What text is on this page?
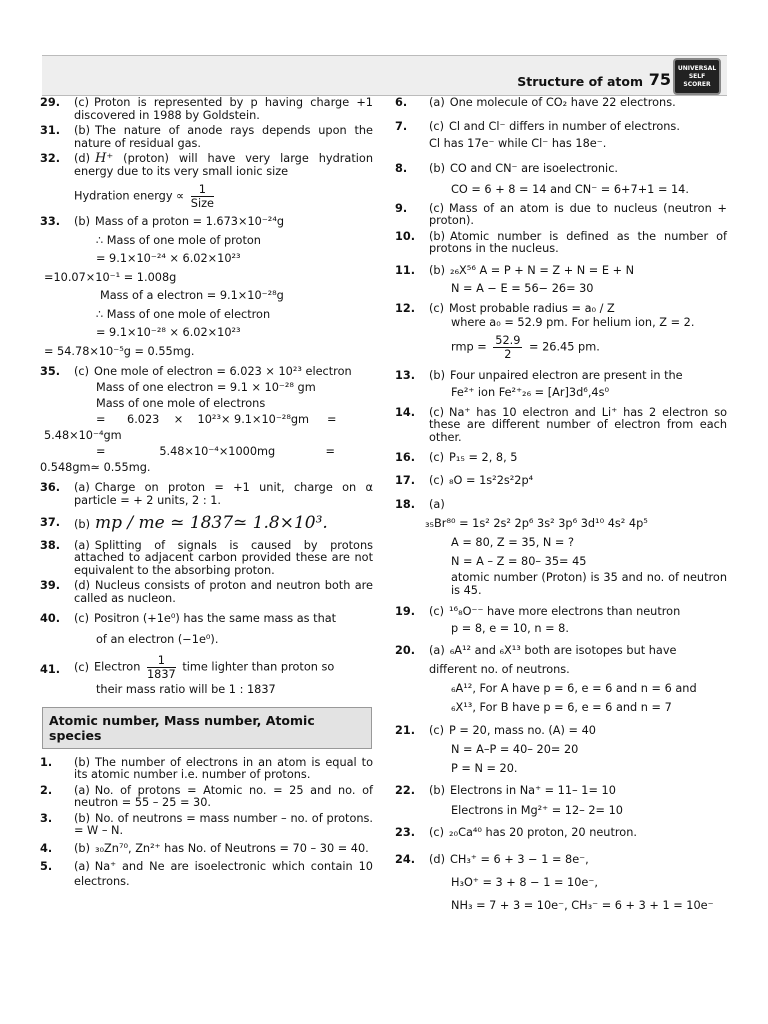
Structure of atom 75
UNIVERSAL
SELF SCORER
29. (c) Proton is represented by p having charge +1 discovered in 1988 by Goldstein.
31. (b) The nature of anode rays depends upon the nature of residual gas.
32. (d) H⁺ (proton) will have very large hydration energy due to its very small ionic size
Hydration energy ∝ $\frac{1}{\text{Size}}$
33. (b) Mass of a proton = 1.673×10⁻²⁴g
∴ Mass of one mole of proton
= 9.1×10⁻²⁴ × 6.02×10²³
=10.07×10⁻¹ = 1.008g
Mass of a electron = 9.1×10⁻²⁸g
∴ Mass of one mole of electron
= 9.1×10⁻²⁸ × 6.02×10²³
= 54.78×10⁻⁵g = 0.55mg.
35. (c) One mole of electron = 6.023 × 10²³ electron
Mass of one electron = 9.1 × 10⁻²⁸ gm
Mass of one mole of electrons
=      6.023    ×    10²³× 9.1×10⁻²⁸gm     =
5.48×10⁻⁴gm
=               5.48×10⁻⁴×1000mg              =
0.548gm≃ 0.55mg.
36. (a) Charge on proton = +1 unit, charge on α particle = + 2 units, 2 : 1.
37. (b) mp / me ≃ 1837≃ 1.8×10³.
38. (a) Splitting of signals is caused by protons attached to adjacent carbon provided these are not equivalent to the absorbing proton.
39. (d) Nucleus consists of proton and neutron both are called as nucleon.
40. (c) Positron (+1e⁰) has the same mass as that
of an electron (−1e⁰).
41. (c) Electron $\frac{1}{1837}$ time lighter than proton so
their mass ratio will be 1 : 1837
Atomic number, Mass number, Atomic species
1. (b) The number of electrons in an atom is equal to its atomic number i.e. number of protons.
2. (a) No. of protons = Atomic no. = 25 and no. of neutron = 55 – 25 = 30.
3. (b) No. of neutrons = mass number – no. of protons. = W – N.
4. (b) ₃₀Zn⁷⁰, Zn²⁺ has No. of Neutrons = 70 – 30 = 40.
5. (a) Na⁺ and Ne are isoelectronic which contain 10 electrons.
6. (a) One molecule of CO₂ have 22 electrons.
7. (c) Cl and Cl⁻ differs in number of electrons.
Cl has 17e⁻ while Cl⁻ has 18e⁻.
8. (b) CO and CN⁻ are isoelectronic.
CO = 6 + 8 = 14 and CN⁻ = 6+7+1 = 14.
9. (c) Mass of an atom is due to nucleus (neutron + proton).
10. (b) Atomic number is defined as the number of protons in the nucleus.
11. (b) ₂₆X⁵⁶ A = P + N = Z + N = E + N
N = A − E = 56− 26= 30
12. (c) Most probable radius = a₀ / Z
where a₀ = 52.9 pm. For helium ion, Z = 2.
rmp = $\frac{52.9}{2} = 26.45$ pm.
13. (b) Four unpaired electron are present in the
Fe²⁺ ion Fe²⁺₂₆ = [Ar]3d⁶,4s⁰
14. (c) Na⁺ has 10 electron and Li⁺ has 2 electron so these are different number of electron from each other.
16. (c) P₁₅ = 2, 8, 5
17. (c) ₈O = 1s²2s²2p⁴
18. (a)
₃₅Br⁸⁰ = 1s² 2s² 2p⁶ 3s² 3p⁶ 3d¹⁰ 4s² 4p⁵
A = 80, Z = 35, N = ?
N = A – Z = 80– 35= 45
atomic number (Proton) is 35 and no. of neutron is 45.
19. (c) ¹⁶₈O⁻⁻ have more electrons than neutron
p = 8, e = 10, n = 8.
20. (a) ₆A¹² and ₆X¹³ both are isotopes but have different no. of neutrons.
₆A¹², For A have p = 6, e = 6 and n = 6 and
₆X¹³, For B have p = 6, e = 6 and n = 7
21. (c) P = 20, mass no. (A) = 40
N = A–P = 40– 20= 20
P = N = 20.
22. (b) Electrons in Na⁺ = 11– 1= 10
Electrons in Mg²⁺ = 12– 2= 10
23. (c) ₂₀Ca⁴⁰ has 20 proton, 20 neutron.
24. (d) CH₃⁺ = 6 + 3 − 1 = 8e⁻,
H₃O⁺ = 3 + 8 − 1 = 10e⁻,
NH₃ = 7 + 3 = 10e⁻, CH₃⁻ = 6 + 3 + 1 = 10e⁻
